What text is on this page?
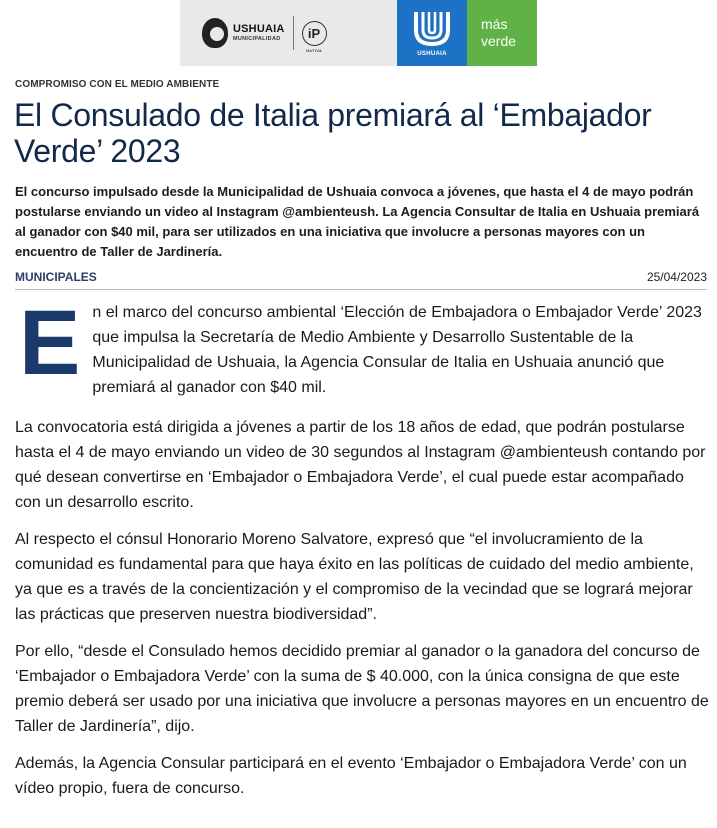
USHUAIA
MUNICIPALIDAD	iP
NATIVA
USHUAIA
más
verde
COMPROMISO CON EL MEDIO AMBIENTE
El Consulado de Italia premiará al ‘Embajador Verde’ 2023
El concurso impulsado desde la Municipalidad de Ushuaia convoca a jóvenes, que hasta el 4 de mayo podrán postularse enviando un video al Instagram @ambienteush. La Agencia Consultar de Italia en Ushuaia premiará al ganador con $40 mil, para ser utilizados en una iniciativa que involucre a personas mayores con un encuentro de Taller de Jardinería.
MUNICIPALES	25/04/2023

En el marco del concurso ambiental ‘Elección de Embajadora o Embajador Verde’ 2023 que impulsa la Secretaría de Medio Ambiente y Desarrollo Sustentable de la Municipalidad de Ushuaia, la Agencia Consular de Italia en Ushuaia anunció que premiará al ganador con $40 mil.

La convocatoria está dirigida a jóvenes a partir de los 18 años de edad, que podrán postularse hasta el 4 de mayo enviando un video de 30 segundos al Instagram @ambienteush contando por qué desean convertirse en ‘Embajador o Embajadora Verde’, el cual puede estar acompañado con un desarrollo escrito.

Al respecto el cónsul Honorario Moreno Salvatore, expresó que “el involucramiento de la comunidad es fundamental para que haya éxito en las políticas de cuidado del medio ambiente, ya que es a través de la concientización y el compromiso de la vecindad que se logrará mejorar las prácticas que preserven nuestra biodiversidad”.

Por ello, “desde el Consulado hemos decidido premiar al ganador o la ganadora del concurso de ‘Embajador o Embajadora Verde’ con la suma de $ 40.000, con la única consigna de que este premio deberá ser usado por una iniciativa que involucre a personas mayores en un encuentro de Taller de Jardinería”, dijo.

Además, la Agencia Consular participará en el evento ‘Embajador o Embajadora Verde’ con un vídeo propio, fuera de concurso.
